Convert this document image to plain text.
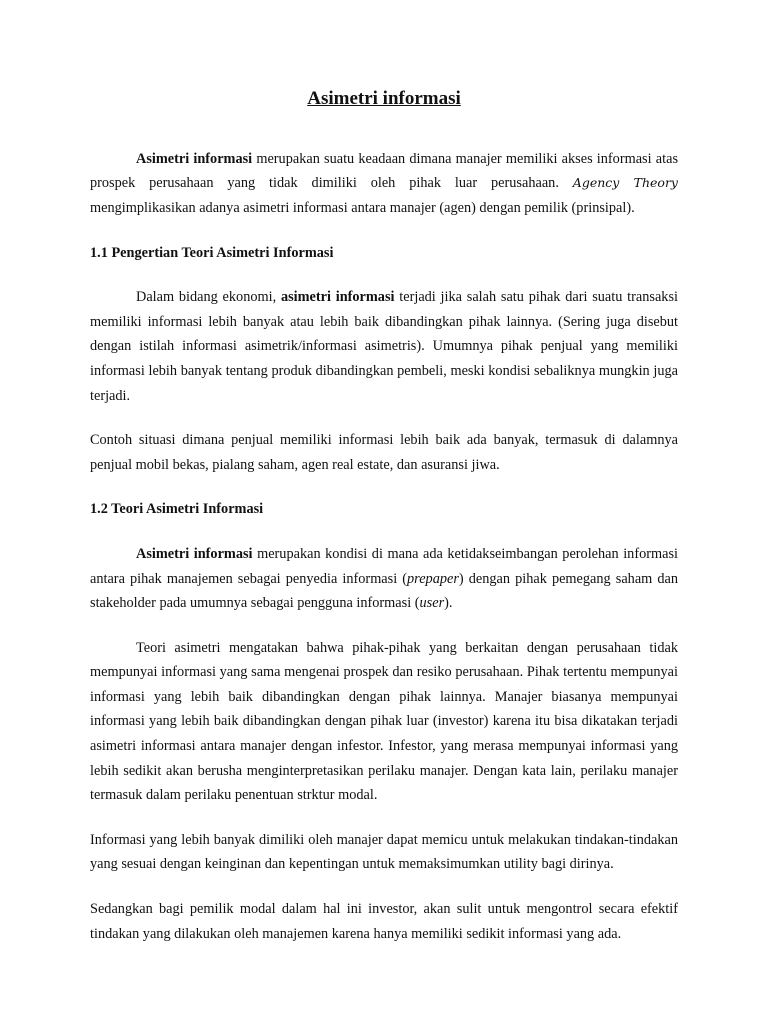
Asimetri informasi

Asimetri informasi merupakan suatu keadaan dimana manajer memiliki akses informasi atas prospek perusahaan yang tidak dimiliki oleh pihak luar perusahaan. Agency Theory mengimplikasikan adanya asimetri informasi antara manajer (agen) dengan pemilik (prinsipal).

1.1 Pengertian Teori Asimetri Informasi

Dalam bidang ekonomi, asimetri informasi terjadi jika salah satu pihak dari suatu transaksi memiliki informasi lebih banyak atau lebih baik dibandingkan pihak lainnya. (Sering juga disebut dengan istilah informasi asimetrik/informasi asimetris). Umumnya pihak penjual yang memiliki informasi lebih banyak tentang produk dibandingkan pembeli, meski kondisi sebaliknya mungkin juga terjadi.

Contoh situasi dimana penjual memiliki informasi lebih baik ada banyak, termasuk di dalamnya penjual mobil bekas, pialang saham, agen real estate, dan asuransi jiwa.

1.2 Teori Asimetri Informasi

Asimetri informasi merupakan kondisi di mana ada ketidakseimbangan perolehan informasi antara pihak manajemen sebagai penyedia informasi (prepaper) dengan pihak pemegang saham dan stakeholder pada umumnya sebagai pengguna informasi (user).

Teori asimetri mengatakan bahwa pihak-pihak yang berkaitan dengan perusahaan tidak mempunyai informasi yang sama mengenai prospek dan resiko perusahaan. Pihak tertentu mempunyai informasi yang lebih baik dibandingkan dengan pihak lainnya. Manajer biasanya mempunyai informasi yang lebih baik dibandingkan dengan pihak luar (investor) karena itu bisa dikatakan terjadi asimetri informasi antara manajer dengan infestor. Infestor, yang merasa mempunyai informasi yang lebih sedikit akan berusha menginterpretasikan perilaku manajer. Dengan kata lain, perilaku manajer termasuk dalam perilaku penentuan strktur modal.

Informasi yang lebih banyak dimiliki oleh manajer dapat memicu untuk melakukan tindakan-tindakan yang sesuai dengan keinginan dan kepentingan untuk memaksimumkan utility bagi dirinya.

Sedangkan bagi pemilik modal dalam hal ini investor, akan sulit untuk mengontrol secara efektif tindakan yang dilakukan oleh manajemen karena hanya memiliki sedikit informasi yang ada.
